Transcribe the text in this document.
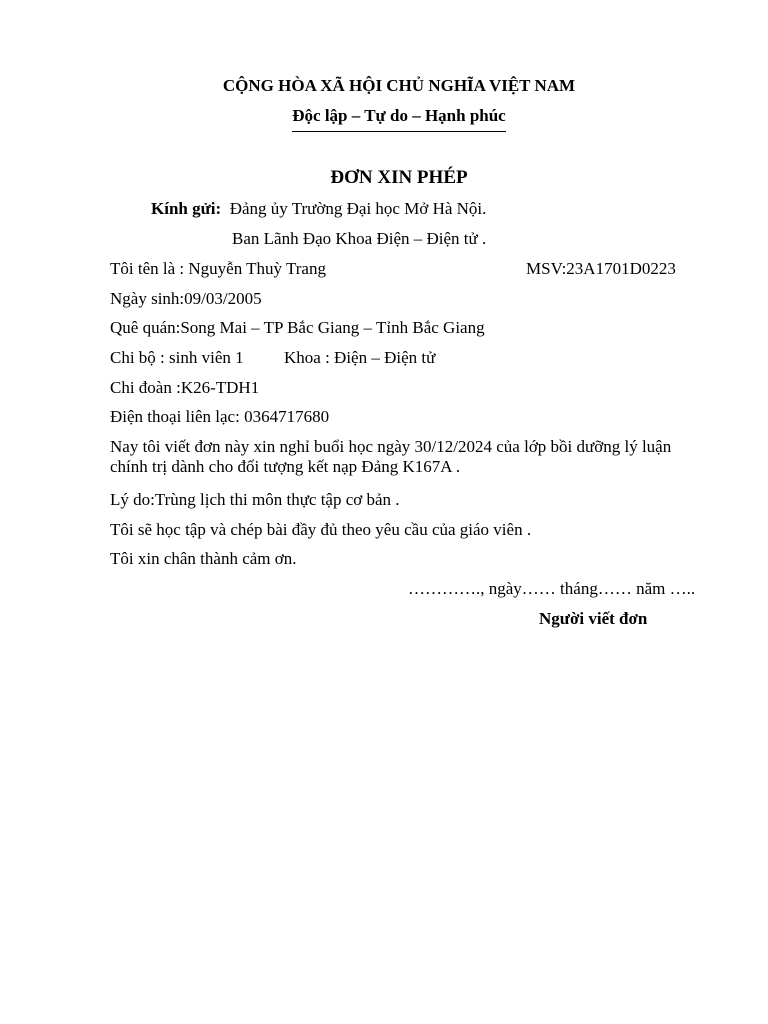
CỘNG HÒA XÃ HỘI CHỦ NGHĨA VIỆT NAM
Độc lập – Tự do – Hạnh phúc
ĐƠN XIN PHÉP
Kính gửi: Đảng ủy Trường Đại học Mở Hà Nội.
Ban Lãnh Đạo Khoa Điện – Điện tử .
Tôi tên là : Nguyễn Thuỳ Trang	MSV:23A1701D0223
Ngày sinh:09/03/2005
Quê quán:Song Mai – TP Bắc Giang – Tỉnh Bắc Giang
Chi bộ : sinh viên 1 Khoa : Điện – Điện tử
Chi đoàn :K26-TDH1
Điện thoại liên lạc: 0364717680
Nay tôi viết đơn này xin nghỉ buổi học ngày 30/12/2024 của lớp bồi dưỡng lý luận chính trị dành cho đối tượng kết nạp Đảng K167A .
Lý do:Trùng lịch thi môn thực tập cơ bản .
Tôi sẽ học tập và chép bài đầy đủ theo yêu cầu của giáo viên .
Tôi xin chân thành cảm ơn.
…………., ngày…… tháng…… năm …..
Người viết đơn
